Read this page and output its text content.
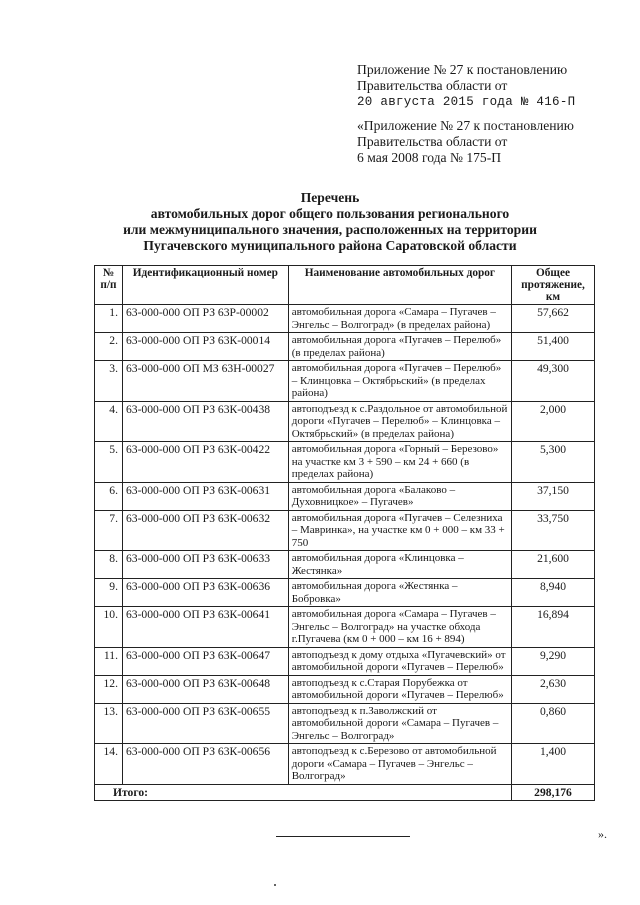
Приложение № 27 к постановлению
Правительства области от
20 августа 2015 года № 416-П
«Приложение № 27 к постановлению
Правительства области от
6 мая 2008 года № 175-П
Перечень
автомобильных дорог общего пользования регионального
или межмуниципального значения, расположенных на территории
Пугачевского муниципального района Саратовской области
№ п/п	Идентификационный номер	Наименование автомобильных дорог	Общее протяжение, км
1.	63-000-000 ОП РЗ 63Р-00002	автомобильная дорога «Самара – Пугачев – Энгельс – Волгоград» (в пределах района)	57,662
2.	63-000-000 ОП РЗ 63К-00014	автомобильная дорога «Пугачев – Перелюб» (в пределах района)	51,400
3.	63-000-000 ОП МЗ 63Н-00027	автомобильная дорога «Пугачев – Перелюб» – Клинцовка – Октябрьский» (в пределах района)	49,300
4.	63-000-000 ОП РЗ 63К-00438	автоподъезд к с.Раздольное от автомобильной дороги «Пугачев – Перелюб» – Клинцовка – Октябрьский» (в пределах района)	2,000
5.	63-000-000 ОП РЗ 63К-00422	автомобильная дорога «Горный – Березово» на участке км 3 + 590 – км 24 + 660 (в пределах района)	5,300
6.	63-000-000 ОП РЗ 63К-00631	автомобильная дорога «Балаково – Духовницкое» – Пугачев»	37,150
7.	63-000-000 ОП РЗ 63К-00632	автомобильная дорога «Пугачев – Селезниха – Мавринка», на участке км 0 + 000 – км 33 + 750	33,750
8.	63-000-000 ОП РЗ 63К-00633	автомобильная дорога «Клинцовка – Жестянка»	21,600
9.	63-000-000 ОП РЗ 63К-00636	автомобильная дорога «Жестянка – Бобровка»	8,940
10.	63-000-000 ОП РЗ 63К-00641	автомобильная дорога «Самара – Пугачев – Энгельс – Волгоград» на участке обхода г.Пугачева (км 0 + 000 – км 16 + 894)	16,894
11.	63-000-000 ОП РЗ 63К-00647	автоподъезд к дому отдыха «Пугачевский» от автомобильной дороги «Пугачев – Перелюб»	9,290
12.	63-000-000 ОП РЗ 63К-00648	автоподъезд к с.Старая Порубежка от автомобильной дороги «Пугачев – Перелюб»	2,630
13.	63-000-000 ОП РЗ 63К-00655	автоподъезд к п.Заволжский от автомобильной дороги «Самара – Пугачев – Энгельс – Волгоград»	0,860
14.	63-000-000 ОП РЗ 63К-00656	автоподъезд к с.Березово от автомобильной дороги «Самара – Пугачев – Энгельс – Волгоград»	1,400
Итого:			298,176
».
